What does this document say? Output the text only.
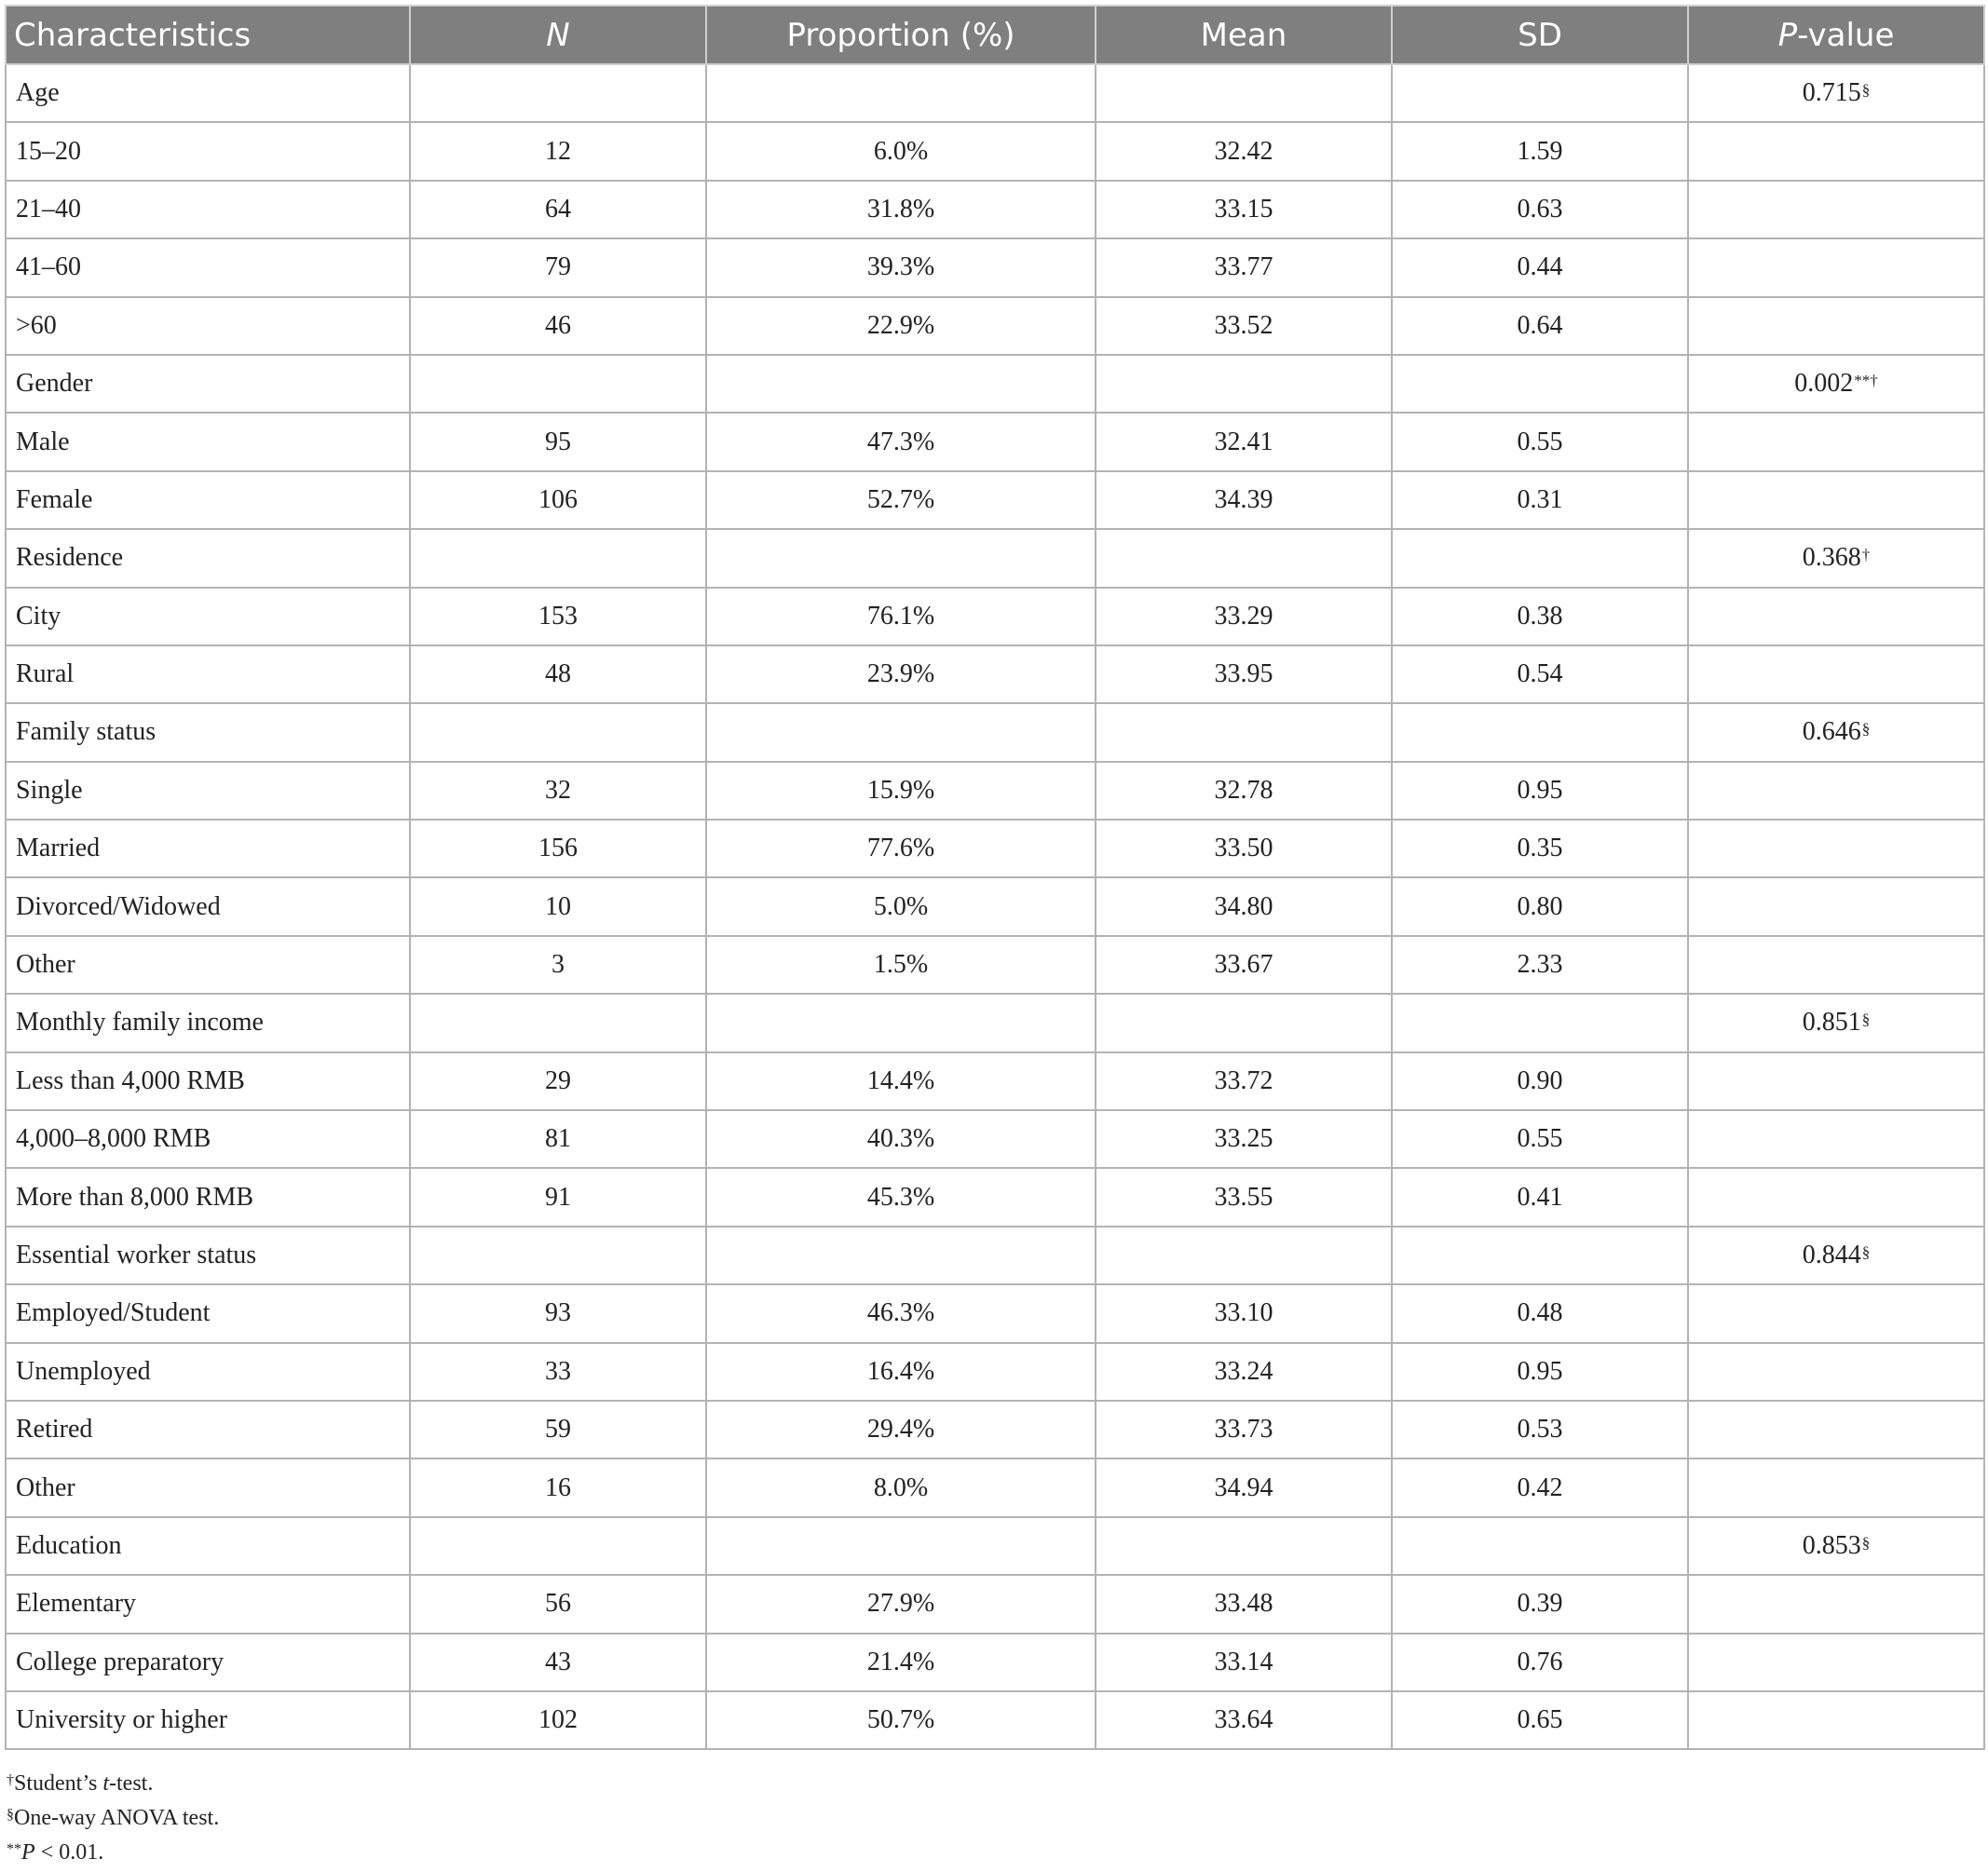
Characteristics	N	Proportion (%)	Mean	SD	P-value
Age					0.715§
15–20	12	6.0%	32.42	1.59	
21–40	64	31.8%	33.15	0.63	
41–60	79	39.3%	33.77	0.44	
>60	46	22.9%	33.52	0.64	
Gender					0.002**†
Male	95	47.3%	32.41	0.55	
Female	106	52.7%	34.39	0.31	
Residence					0.368†
City	153	76.1%	33.29	0.38	
Rural	48	23.9%	33.95	0.54	
Family status					0.646§
Single	32	15.9%	32.78	0.95	
Married	156	77.6%	33.50	0.35	
Divorced/Widowed	10	5.0%	34.80	0.80	
Other	3	1.5%	33.67	2.33	
Monthly family income					0.851§
Less than 4,000 RMB	29	14.4%	33.72	0.90	
4,000–8,000 RMB	81	40.3%	33.25	0.55	
More than 8,000 RMB	91	45.3%	33.55	0.41	
Essential worker status					0.844§
Employed/Student	93	46.3%	33.10	0.48	
Unemployed	33	16.4%	33.24	0.95	
Retired	59	29.4%	33.73	0.53	
Other	16	8.0%	34.94	0.42	
Education					0.853§
Elementary	56	27.9%	33.48	0.39	
College preparatory	43	21.4%	33.14	0.76	
University or higher	102	50.7%	33.64	0.65	
†Student’s t-test.
§One-way ANOVA test.
**P < 0.01.
